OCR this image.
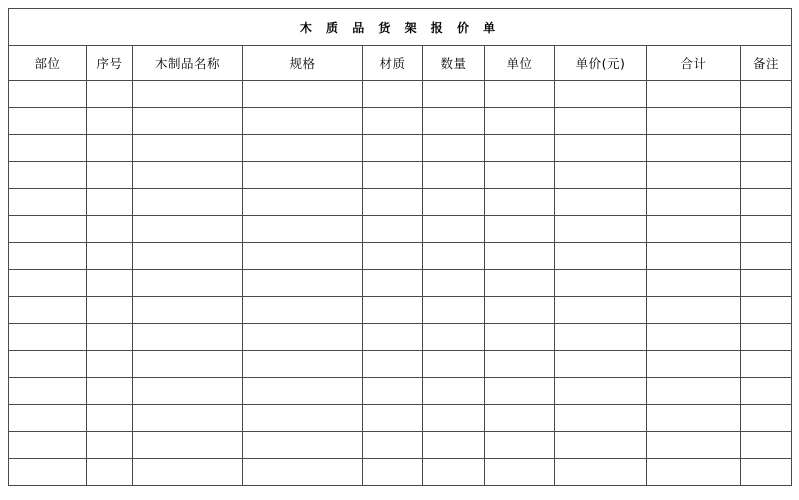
木 质 品 货 架 报 价 单									
部位	序号	木制品名称	规格	材质	数量	单位	单价(元)	合计	备注
